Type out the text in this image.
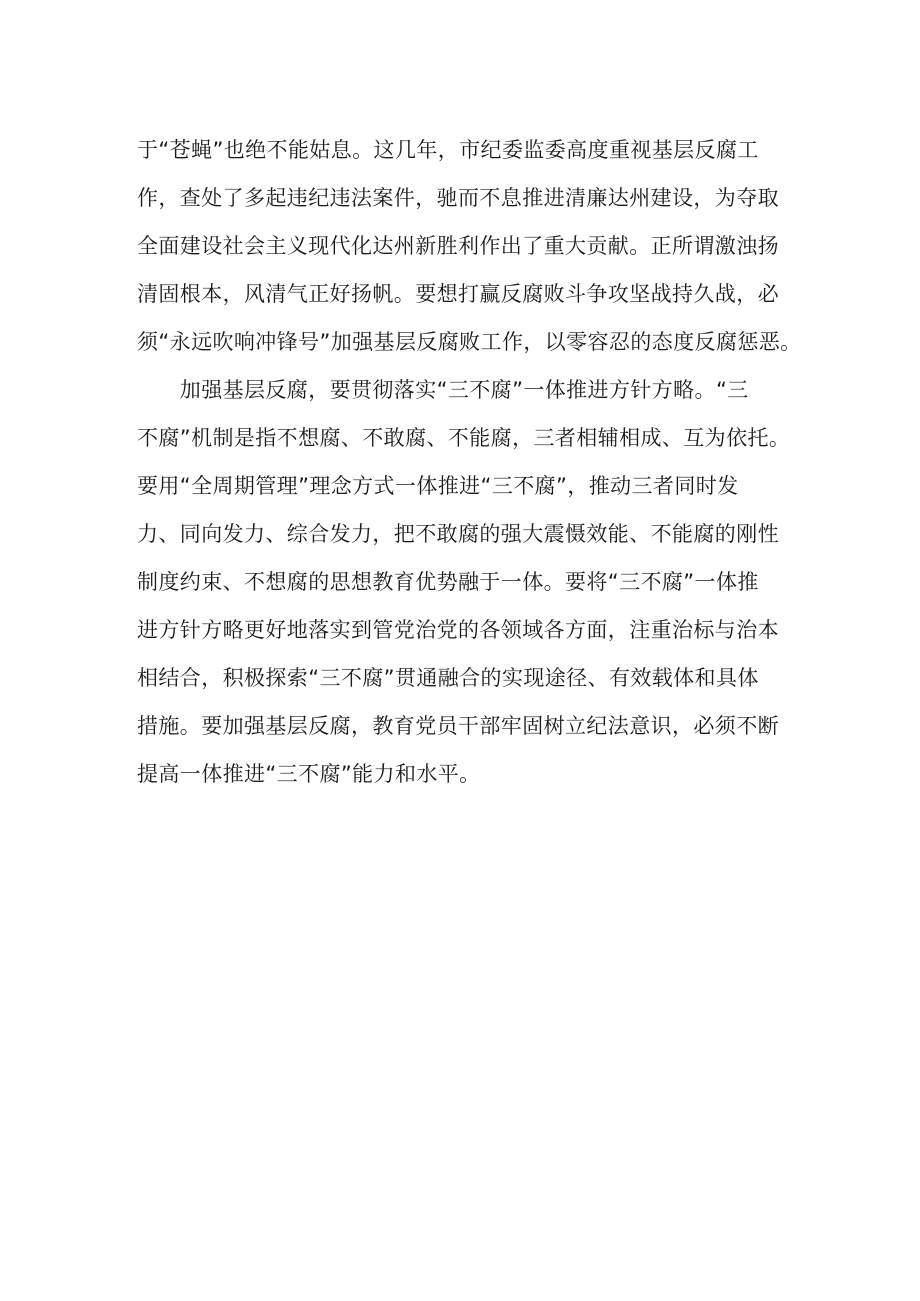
于“苍蝇”也绝不能姑息。这几年，市纪委监委高度重视基层反腐工
作，查处了多起违纪违法案件，驰而不息推进清廉达州建设，为夺取
全面建设社会主义现代化达州新胜利作出了重大贡献。正所谓激浊扬
清固根本，风清气正好扬帆。要想打赢反腐败斗争攻坚战持久战，必
须“永远吹响冲锋号”加强基层反腐败工作，以零容忍的态度反腐惩恶。
　　加强基层反腐，要贯彻落实“三不腐”一体推进方针方略。“三
不腐”机制是指不想腐、不敢腐、不能腐，三者相辅相成、互为依托。
要用“全周期管理”理念方式一体推进“三不腐”，推动三者同时发
力、同向发力、综合发力，把不敢腐的强大震慑效能、不能腐的刚性
制度约束、不想腐的思想教育优势融于一体。要将“三不腐”一体推
进方针方略更好地落实到管党治党的各领域各方面，注重治标与治本
相结合，积极探索“三不腐”贯通融合的实现途径、有效载体和具体
措施。要加强基层反腐，教育党员干部牢固树立纪法意识，必须不断
提高一体推进“三不腐”能力和水平。
